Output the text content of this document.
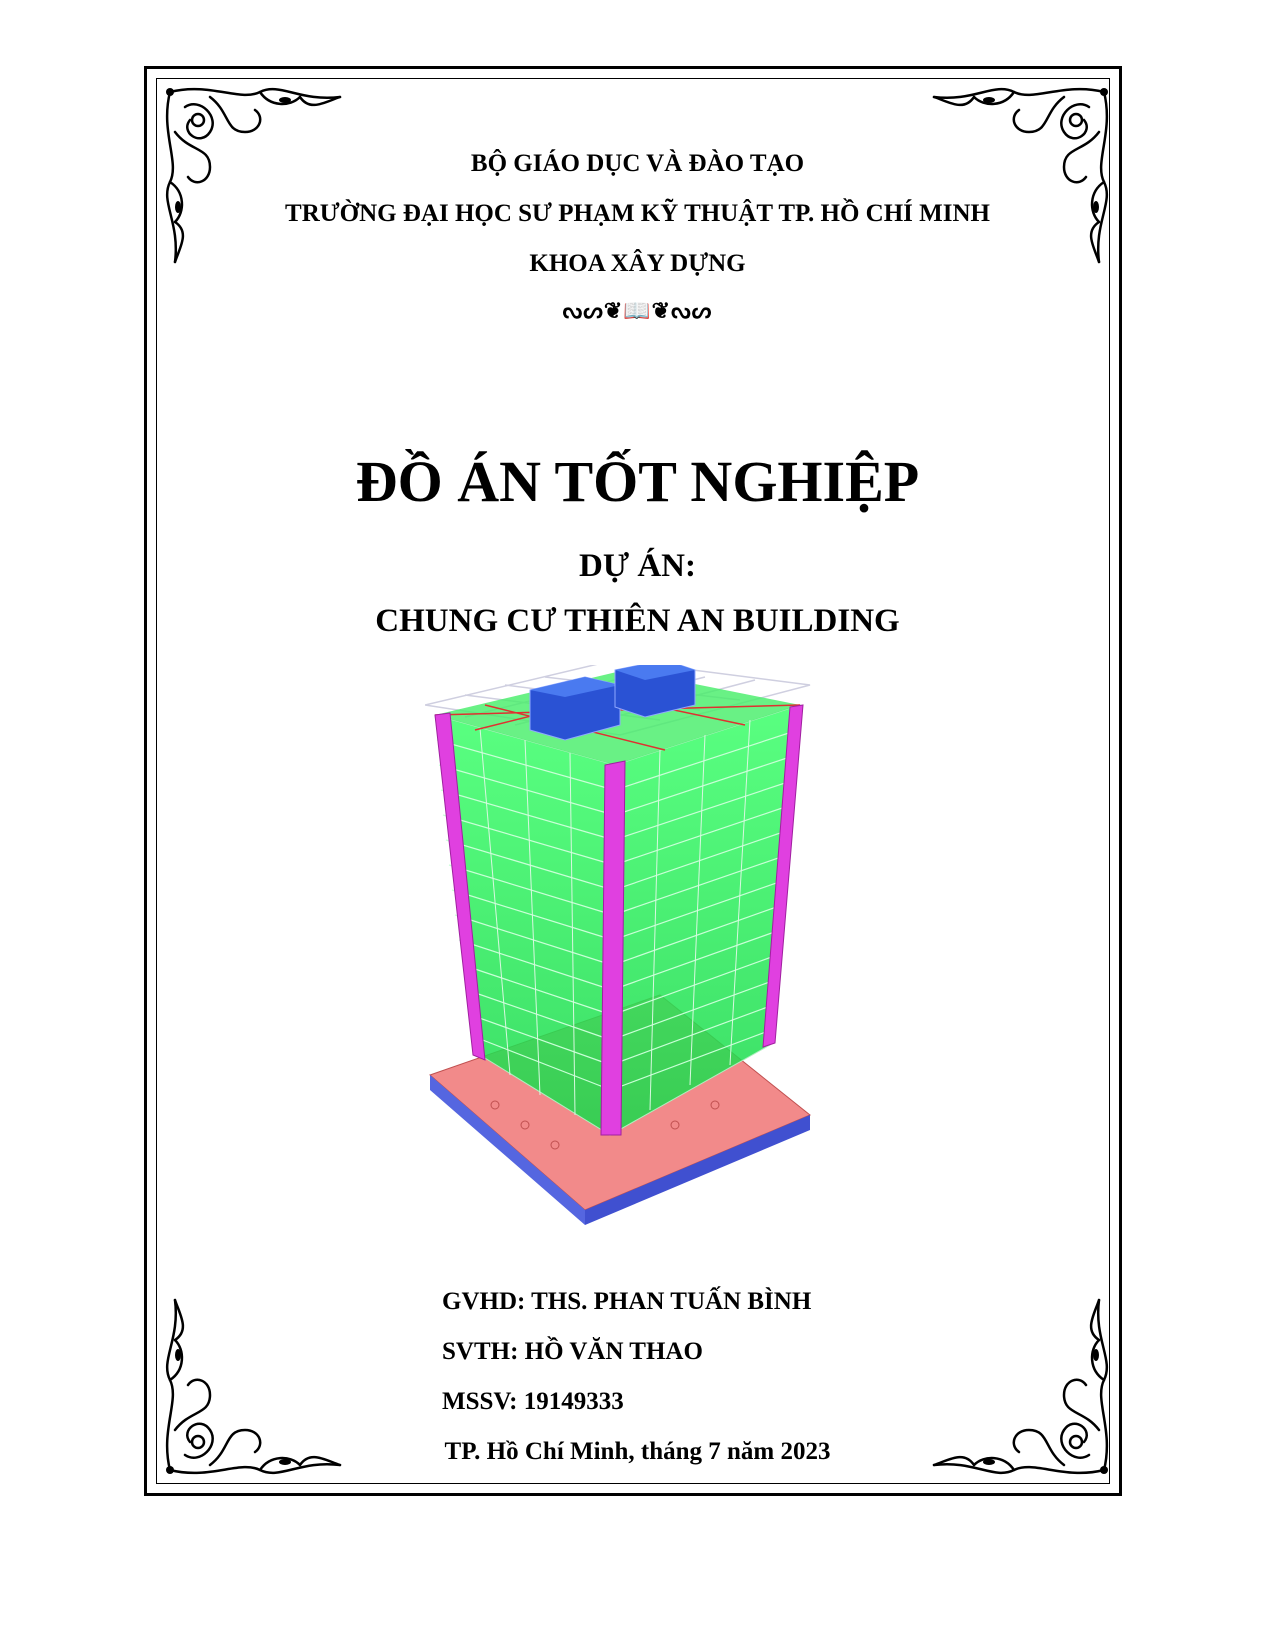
BỘ GIÁO DỤC VÀ ĐÀO TẠO
TRƯỜNG ĐẠI HỌC SƯ PHẠM KỸ THUẬT TP. HỒ CHÍ MINH
KHOA XÂY DỰNG
ᔓᔕ❦📖❦ᔓᔕ
ĐỒ ÁN TỐT NGHIỆP
DỰ ÁN:
CHUNG CƯ THIÊN AN BUILDING
GVHD: THS. PHAN TUẤN BÌNH
SVTH: HỒ VĂN THAO
MSSV: 19149333
TP. Hồ Chí Minh, tháng 7 năm 2023
